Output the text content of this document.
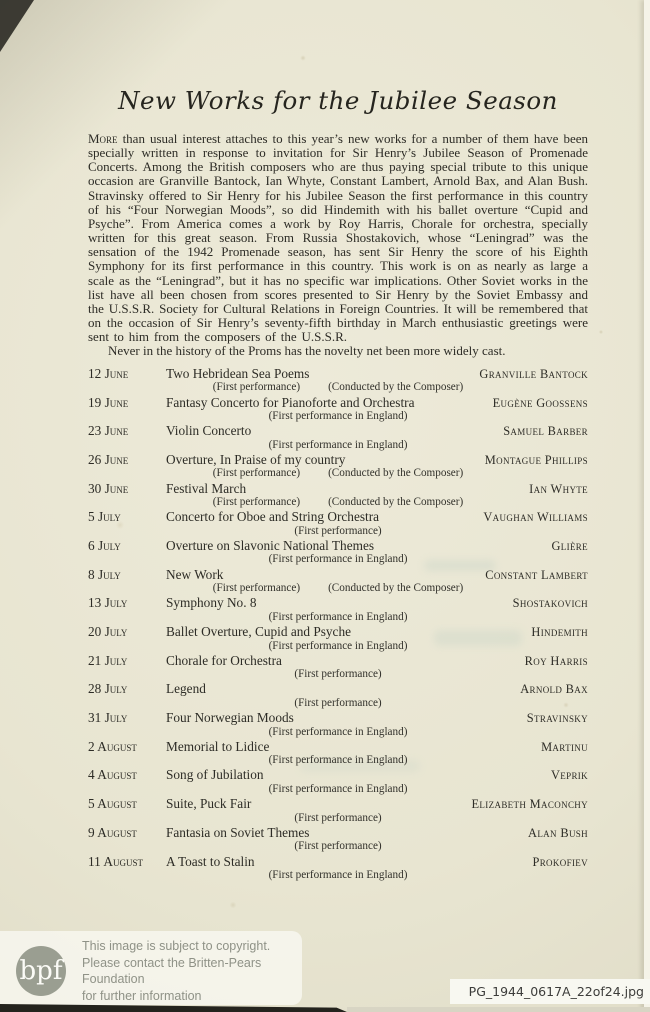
New Works for the Jubilee Season

More than usual interest attaches to this year’s new works for a number of them have been specially written in response to invitation for Sir Henry’s Jubilee Season of Promenade Concerts. Among the British composers who are thus paying special tribute to this unique occasion are Granville Bantock, Ian Whyte, Constant Lambert, Arnold Bax, and Alan Bush. Stravinsky offered to Sir Henry for his Jubilee Season the first performance in this country of his “Four Norwegian Moods”, so did Hindemith with his ballet overture “Cupid and Psyche”. From America comes a work by Roy Harris, Chorale for orchestra, specially written for this great season. From Russia Shostakovich, whose “Leningrad” was the sensation of the 1942 Promenade season, has sent Sir Henry the score of his Eighth Symphony for its first performance in this country. This work is on as nearly as large a scale as the “Leningrad”, but it has no specific war implications. Other Soviet works in the list have all been chosen from scores presented to Sir Henry by the Soviet Embassy and the U.S.S.R. Society for Cultural Relations in Foreign Countries. It will be remembered that on the occasion of Sir Henry’s seventy-fifth birthday in March enthusiastic greetings were sent to him from the composers of the U.S.S.R.

Never in the history of the Proms has the novelty net been more widely cast.

12 June	Two Hebridean Sea Poems	Granville Bantock
(First performance)	(Conducted by the Composer)
19 June	Fantasy Concerto for Pianoforte and Orchestra	Eugène Goossens
(First performance in England)
23 June	Violin Concerto	Samuel Barber
(First performance in England)
26 June	Overture, In Praise of my country	Montague Phillips
(First performance)	(Conducted by the Composer)
30 June	Festival March	Ian Whyte
(First performance)	(Conducted by the Composer)
5 July	Concerto for Oboe and String Orchestra	Vaughan Williams
(First performance)
6 July	Overture on Slavonic National Themes	Glière
(First performance in England)
8 July	New Work	Constant Lambert
(First performance)	(Conducted by the Composer)
13 July	Symphony No. 8	Shostakovich
(First performance in England)
20 July	Ballet Overture, Cupid and Psyche	Hindemith
(First performance in England)
21 July	Chorale for Orchestra	Roy Harris
(First performance)
28 July	Legend	Arnold Bax
(First performance)
31 July	Four Norwegian Moods	Stravinsky
(First performance in England)
2 August	Memorial to Lidice	Martinu
(First performance in England)
4 August	Song of Jubilation	Veprik
(First performance in England)
5 August	Suite, Puck Fair	Elizabeth Maconchy
(First performance)
9 August	Fantasia on Soviet Themes	Alan Bush
(First performance)
11 August	A Toast to Stalin	Prokofiev
(First performance in England)
bpf
This image is subject to copyright.
Please contact the Britten-Pears Foundation
for further information	PG_1944_0617A_22of24.jpg
